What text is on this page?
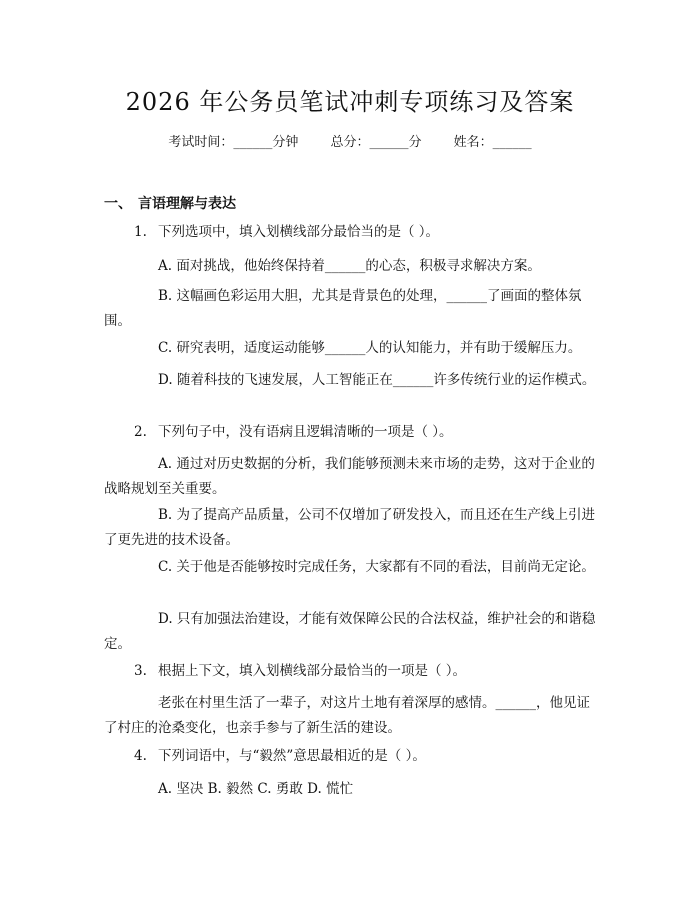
2026 年公务员笔试冲刺专项练习及答案
考试时间：______分钟 总分：______分 姓名：______
一、 言语理解与表达
1. 下列选项中，填入划横线部分最恰当的是（ ）。
A. 面对挑战，他始终保持着______的心态，积极寻求解决方案。
B. 这幅画色彩运用大胆，尤其是背景色的处理，______了画面的整体氛围。
C. 研究表明，适度运动能够______人的认知能力，并有助于缓解压力。
D. 随着科技的飞速发展，人工智能正在______许多传统行业的运作模式。
2. 下列句子中，没有语病且逻辑清晰的一项是（ ）。
A. 通过对历史数据的分析，我们能够预测未来市场的走势，这对于企业的战略规划至关重要。
B. 为了提高产品质量，公司不仅增加了研发投入，而且还在生产线上引进了更先进的技术设备。
C. 关于他是否能够按时完成任务，大家都有不同的看法，目前尚无定论。
D. 只有加强法治建设，才能有效保障公民的合法权益，维护社会的和谐稳定。
3. 根据上下文，填入划横线部分最恰当的一项是（ ）。
老张在村里生活了一辈子，对这片土地有着深厚的感情。______，他见证了村庄的沧桑变化，也亲手参与了新生活的建设。
4. 下列词语中，与“毅然”意思最相近的是（ ）。
A. 坚决 B. 毅然 C. 勇敢 D. 慌忙
